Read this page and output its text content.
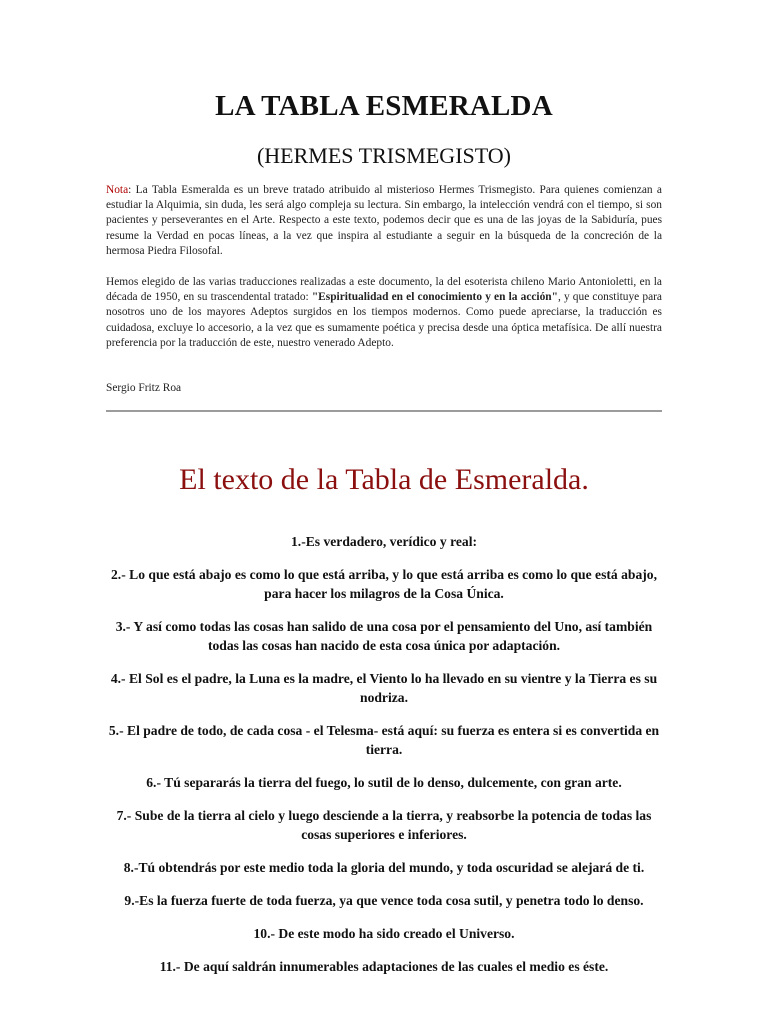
LA TABLA ESMERALDA
(HERMES TRISMEGISTO)

Nota: La Tabla Esmeralda es un breve tratado atribuido al misterioso Hermes Trismegisto. Para quienes comienzan a estudiar la Alquimia, sin duda, les será algo compleja su lectura. Sin embargo, la intelección vendrá con el tiempo, si son pacientes y perseverantes en el Arte. Respecto a este texto, podemos decir que es una de las joyas de la Sabiduría, pues resume la Verdad en pocas líneas, a la vez que inspira al estudiante a seguir en la búsqueda de la concreción de la hermosa Piedra Filosofal.

Hemos elegido de las varias traducciones realizadas a este documento, la del esoterista chileno Mario Antonioletti, en la década de 1950, en su trascendental tratado: "Espiritualidad en el conocimiento y en la acción", y que constituye para nosotros uno de los mayores Adeptos surgidos en los tiempos modernos. Como puede apreciarse, la traducción es cuidadosa, excluye lo accesorio, a la vez que es sumamente poética y precisa desde una óptica metafísica. De allí nuestra preferencia por la traducción de este, nuestro venerado Adepto.

Sergio Fritz Roa

El texto de la Tabla de Esmeralda.

1.-Es verdadero, verídico y real:

2.- Lo que está abajo es como lo que está arriba, y lo que está arriba es como lo que está abajo, para hacer los milagros de la Cosa Única.

3.- Y así como todas las cosas han salido de una cosa por el pensamiento del Uno, así también todas las cosas han nacido de esta cosa única por adaptación.

4.- El Sol es el padre, la Luna es la madre, el Viento lo ha llevado en su vientre y la Tierra es su nodriza.

5.- El padre de todo, de cada cosa - el Telesma- está aquí: su fuerza es entera si es convertida en tierra.

6.- Tú separarás la tierra del fuego, lo sutil de lo denso, dulcemente, con gran arte.

7.- Sube de la tierra al cielo y luego desciende a la tierra, y reabsorbe la potencia de todas las cosas superiores e inferiores.

8.-Tú obtendrás por este medio toda la gloria del mundo, y toda oscuridad se alejará de ti.

9.-Es la fuerza fuerte de toda fuerza, ya que vence toda cosa sutil, y penetra todo lo denso.

10.- De este modo ha sido creado el Universo.

11.- De aquí saldrán innumerables adaptaciones de las cuales el medio es éste.
